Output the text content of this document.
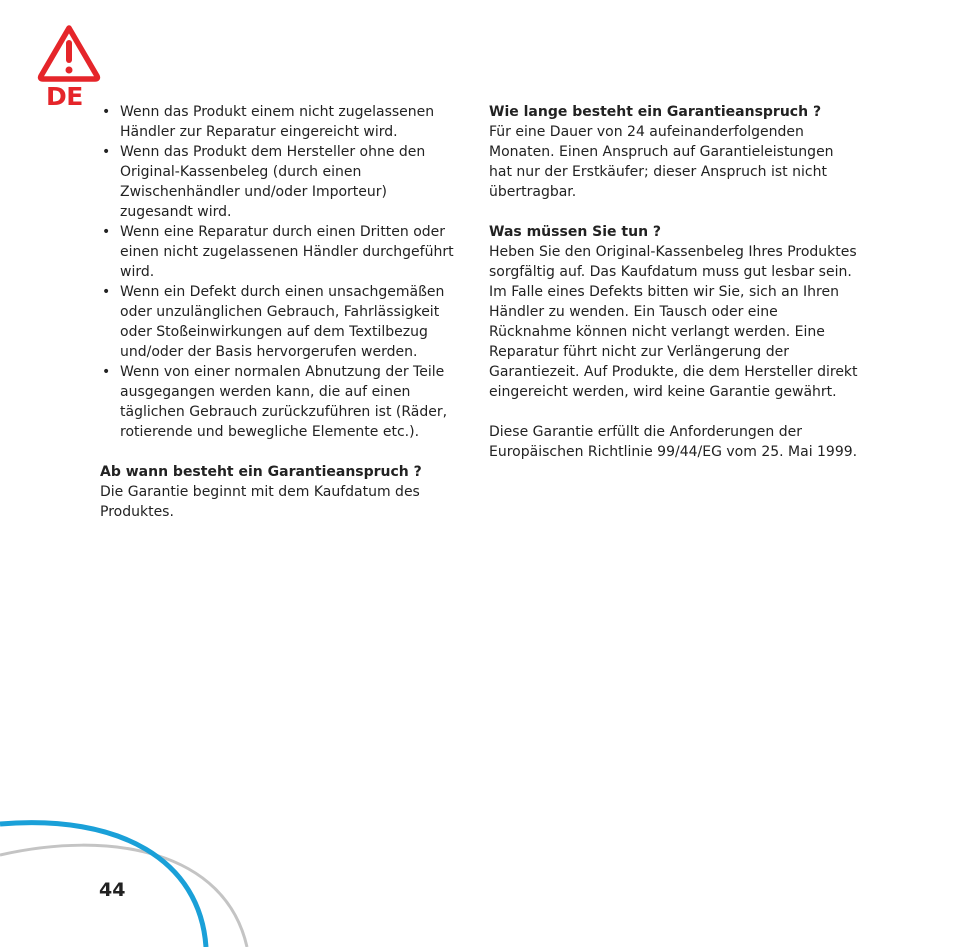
DE
• Wenn das Produkt einem nicht zugelassenen Händler zur Reparatur eingereicht wird.
• Wenn das Produkt dem Hersteller ohne den Original-Kassenbeleg (durch einen Zwischenhändler und/oder Importeur) zugesandt wird.
• Wenn eine Reparatur durch einen Dritten oder einen nicht zugelassenen Händler durchgeführt wird.
• Wenn ein Defekt durch einen unsachgemäßen oder unzulänglichen Gebrauch, Fahrlässigkeit oder Stoßeinwirkungen auf dem Textilbezug und/oder der Basis hervorgerufen werden.
• Wenn von einer normalen Abnutzung der Teile ausgegangen werden kann, die auf einen täglichen Gebrauch zurückzuführen ist (Räder, rotierende und bewegliche Elemente etc.).

Ab wann besteht ein Garantieanspruch ?

Die Garantie beginnt mit dem Kaufdatum des Produktes.

Wie lange besteht ein Garantieanspruch ?

Für eine Dauer von 24 aufeinanderfolgenden Monaten. Einen Anspruch auf Garantieleistungen hat nur der Erstkäufer; dieser Anspruch ist nicht übertragbar.

Was müssen Sie tun ?

Heben Sie den Original-Kassenbeleg Ihres Produktes sorgfältig auf. Das Kaufdatum muss gut lesbar sein. Im Falle eines Defekts bitten wir Sie, sich an Ihren Händler zu wenden. Ein Tausch oder eine Rücknahme können nicht verlangt werden. Eine Reparatur führt nicht zur Verlängerung der Garantiezeit. Auf Produkte, die dem Hersteller direkt eingereicht werden, wird keine Garantie gewährt.

Diese Garantie erfüllt die Anforderungen der Europäischen Richtlinie 99/44/EG vom 25. Mai 1999.

44
